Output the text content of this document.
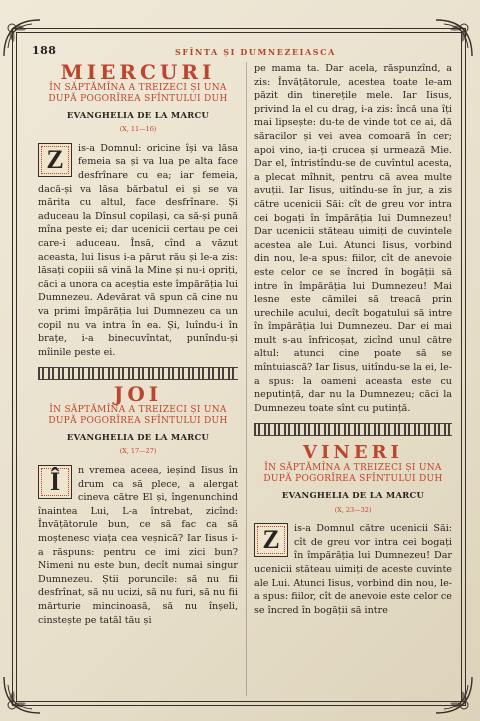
188	SFÎNTA ȘI DUMNEZEIASCA
MIERCURI

ÎN SĂPTĂMÎNA A TREIZECI ȘI UNA DUPĂ POGORÎREA SFÎNTULUI DUH

EVANGHELIA DE LA MARCU

(X, 11—16)

Z	is-a Domnul: oricine își va lăsa femeia sa și va lua pe alta face desfrînare cu ea; iar femeia, dacă-și va lăsa bărbatul ei și se va mărita cu altul, face desfrînare. Și aduceau la Dînsul copilași, ca să-și pună mîna peste ei; dar ucenicii certau pe cei care-i aduceau. Însă, cînd a văzut aceasta, lui Iisus i-a părut rău și le-a zis: lăsați copiii să vină la Mine și nu-i opriți, căci a unora ca aceștia este împărăția lui Dumnezeu. Adevărat vă spun că cine nu va primi împărăția lui Dumnezeu ca un copil nu va intra în ea. Și, luîndu-i în brațe, i-a binecuvîntat, punîndu-și mîinile peste ei.

JOI

ÎN SĂPTĂMÎNA A TREIZECI ȘI UNA DUPĂ POGORÎREA SFÎNTULUI DUH

EVANGHELIA DE LA MARCU

(X, 17—27)

Î	n vremea aceea, ieșind Iisus în drum ca să plece, a alergat cineva către El și, îngenunchind înaintea Lui, L-a întrebat, zicînd: Învățătorule bun, ce să fac ca să moștenesc viața cea veșnică? Iar Iisus i-a răspuns: pentru ce imi zici bun? Nimeni nu este bun, decît numai singur Dumnezeu. Știi poruncile: să nu fii desfrînat, să nu ucizi, să nu furi, să nu fii mărturie mincinoasă, să nu înșeli, cinstește pe tatăl tău și

pe mama ta. Dar acela, răspunzînd, a zis: Învățătorule, acestea toate le-am păzit din tinerețile mele. Iar Iisus, privind la el cu drag, i-a zis: încă una îți mai lipsește: du-te de vinde tot ce ai, dă săracilor și vei avea comoară în cer; apoi vino, ia-ți crucea și urmează Mie. Dar el, întristîndu-se de cuvîntul acesta, a plecat mîhnit, pentru că avea multe avuții. Iar Iisus, uitîndu-se în jur, a zis către ucenicii Săi: cît de greu vor intra cei bogați în împărăția lui Dumnezeu! Dar ucenicii stăteau uimiți de cuvintele acestea ale Lui. Atunci Iisus, vorbind din nou, le-a spus: fiilor, cît de anevoie este celor ce se încred în bogății să intre în împărăția lui Dumnezeu! Mai lesne este cămilei să treacă prin urechile acului, decît bogatului să intre în împărăția lui Dumnezeu. Dar ei mai mult s-au înfricoșat, zicînd unul către altul: atunci cine poate să se mîntuiască? Iar Iisus, uitîndu-se la ei, le-a spus: la oameni aceasta este cu neputință, dar nu la Dumnezeu; căci la Dumnezeu toate sînt cu putință.

VINERI

ÎN SĂPTĂMÎNA A TREIZECI ȘI UNA DUPĂ POGORÎREA SFÎNTULUI DUH

EVANGHELIA DE LA MARCU

(X, 23—32)

Z	is-a Domnul către ucenicii Săi: cît de greu vor intra cei bogați în împărăția lui Dumnezeu! Dar ucenicii stăteau uimiți de aceste cuvinte ale Lui. Atunci Iisus, vorbind din nou, le-a spus: fiilor, cît de anevoie este celor ce se încred în bogății să intre
